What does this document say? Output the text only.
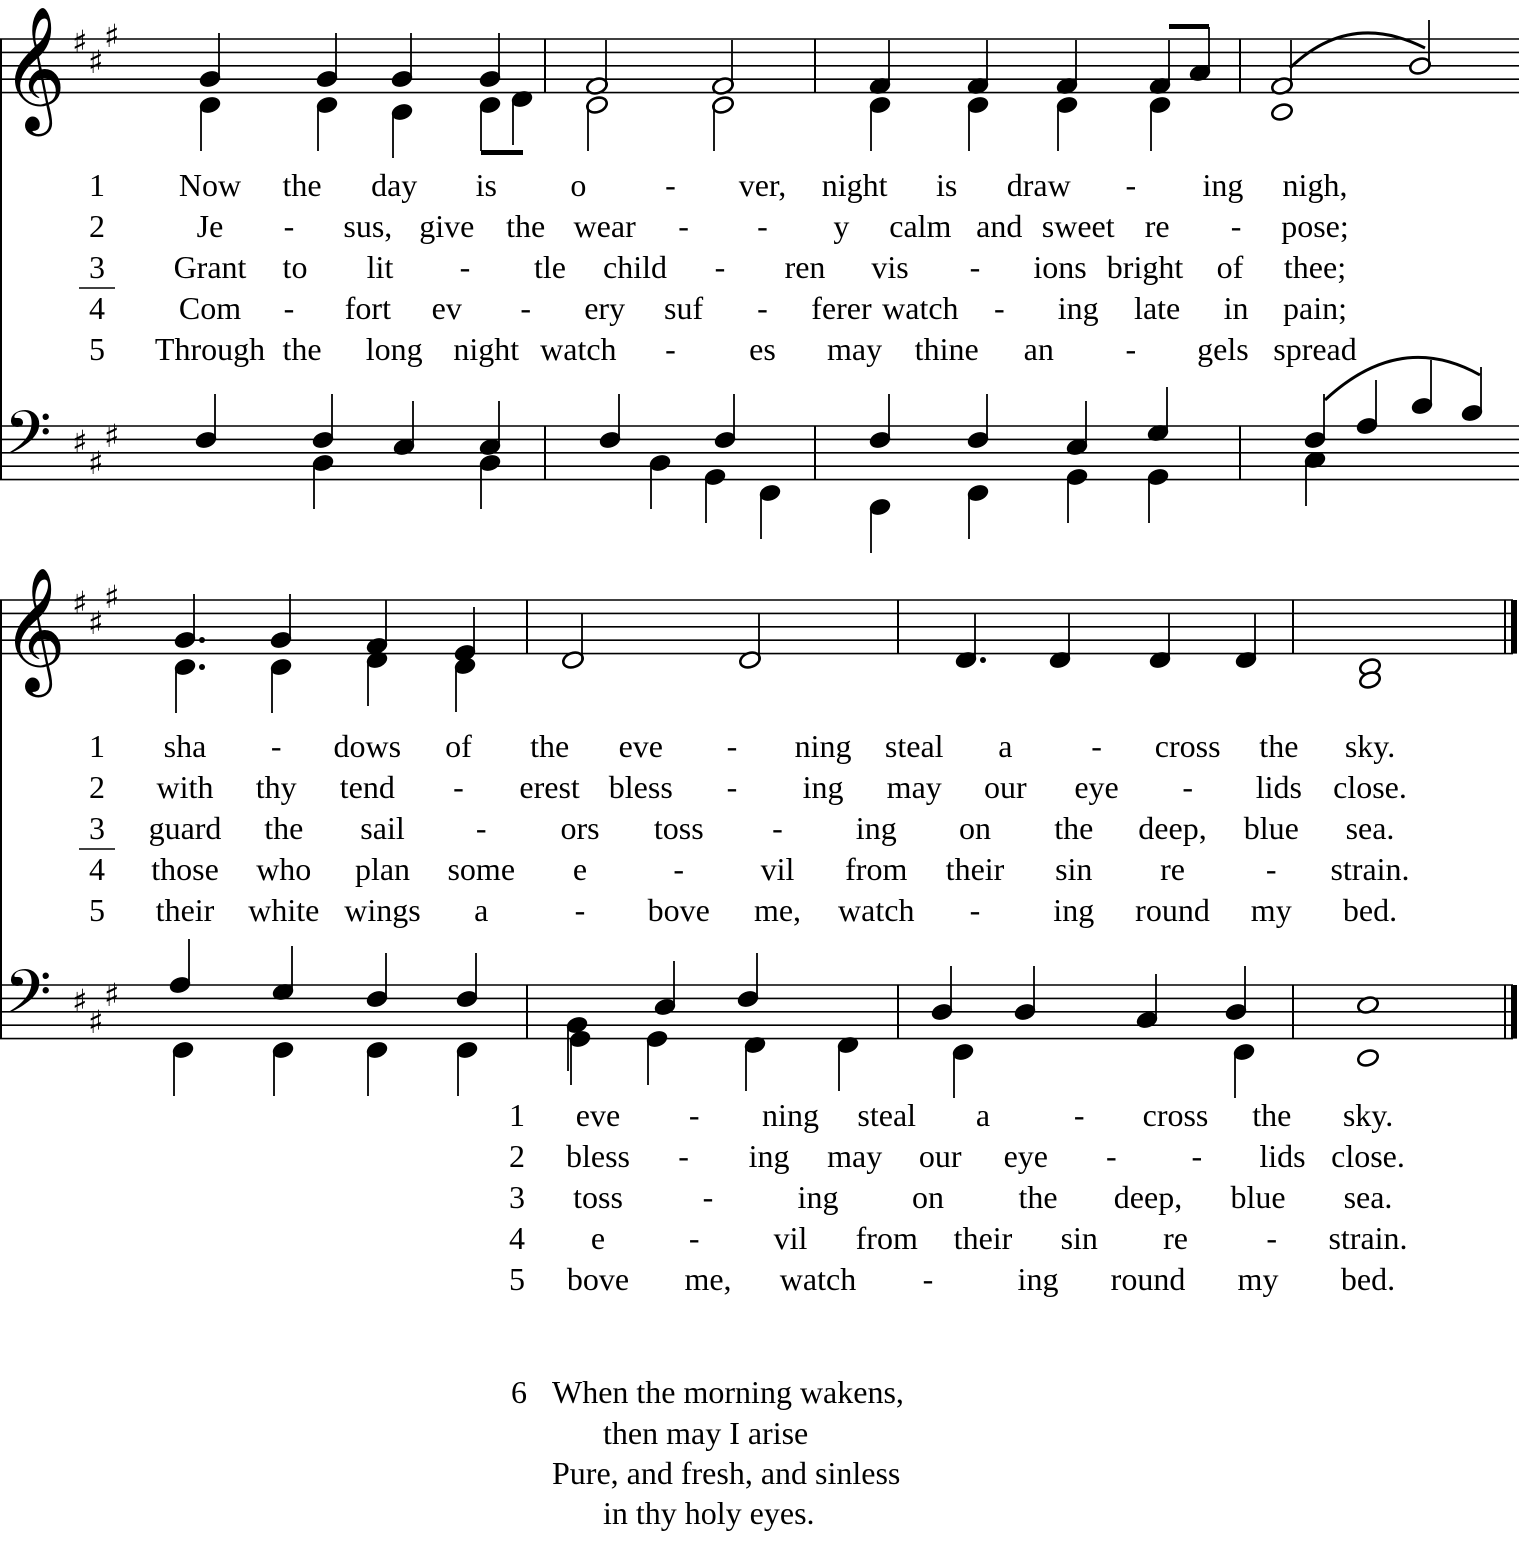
𝄞 ♯
♯
♯
𝄢 ♯
♯
♯
𝄞 ♯
♯
♯
𝄢 ♯
♯
♯
1 Now the day is o - ver, night is draw - ing nigh,
2	Je - sus, give the wear - - y calm and sweet re - pose;
3 Grant to lit - tle child - ren vis - ions bright of thee;
4 Com - fort ev - ery suf - ferer watch - ing late in pain;
5 Through the long night watch - es may thine an - gels spread
1 sha - dows of the eve - ning steal a - cross the sky.
2 with thy tend - erest bless - ing may our eye - lids close.
3 guard the sail - ors toss - ing on the deep, blue sea.
4 those who plan some e	- vil from their sin re	- strain.
5 their white wings a	- bove me, watch - ing round my bed.
1 eve - ning steal a	- cross the sky.
2 bless - ing may our eye - - lids close.
3 toss -	ing on the deep, blue sea.
4 e	- vil from their sin re - strain.
5 bove me, watch -	ing round my bed.
6 When the morning wakens,
then may I arise
Pure, and fresh, and sinless
in thy holy eyes.
